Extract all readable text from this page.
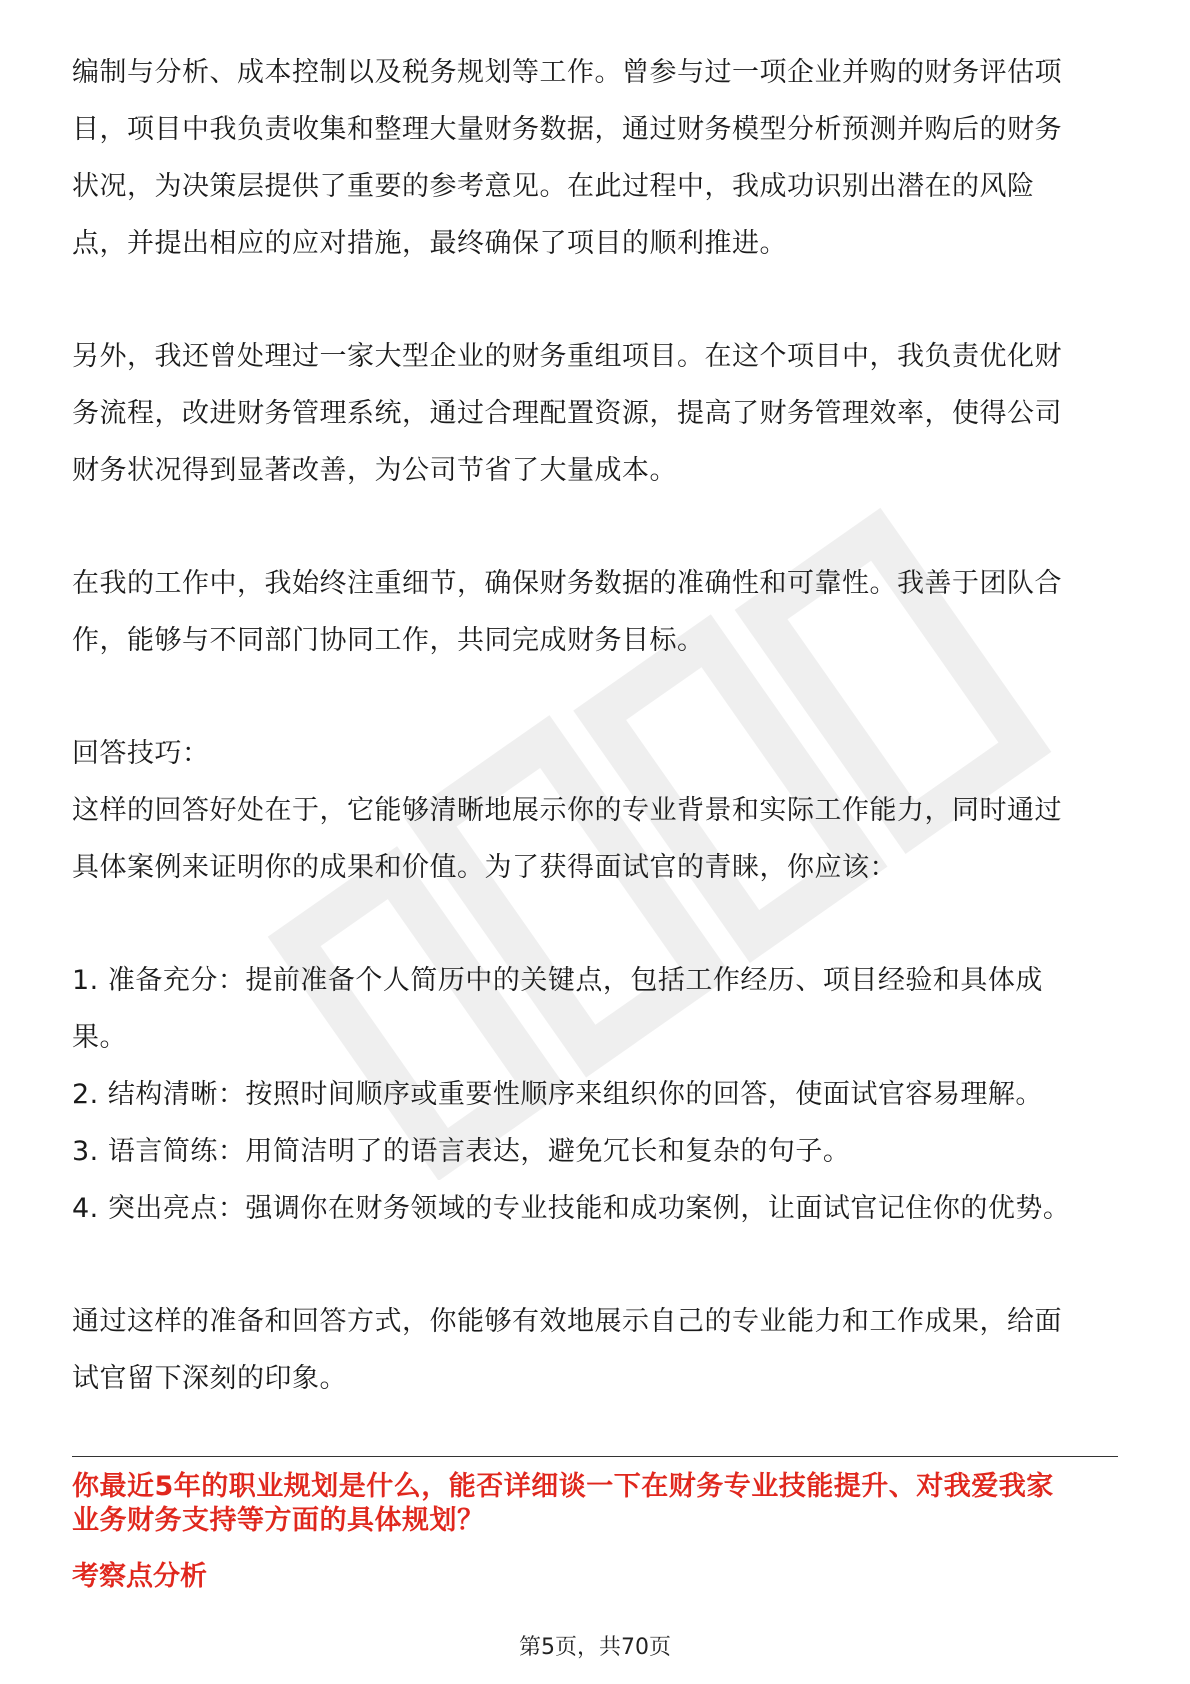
编制与分析、成本控制以及税务规划等工作。曾参与过一项企业并购的财务评估项

目，项目中我负责收集和整理大量财务数据，通过财务模型分析预测并购后的财务

状况，为决策层提供了重要的参考意见。在此过程中，我成功识别出潜在的风险

点，并提出相应的应对措施，最终确保了项目的顺利推进。

另外，我还曾处理过一家大型企业的财务重组项目。在这个项目中，我负责优化财

务流程，改进财务管理系统，通过合理配置资源，提高了财务管理效率，使得公司

财务状况得到显著改善，为公司节省了大量成本。

在我的工作中，我始终注重细节，确保财务数据的准确性和可靠性。我善于团队合

作，能够与不同部门协同工作，共同完成财务目标。

回答技巧：

这样的回答好处在于，它能够清晰地展示你的专业背景和实际工作能力，同时通过

具体案例来证明你的成果和价值。为了获得面试官的青睐，你应该：

1. 准备充分：提前准备个人简历中的关键点，包括工作经历、项目经验和具体成

果。

2. 结构清晰：按照时间顺序或重要性顺序来组织你的回答，使面试官容易理解。

3. 语言简练：用简洁明了的语言表达，避免冗长和复杂的句子。

4. 突出亮点：强调你在财务领域的专业技能和成功案例，让面试官记住你的优势。

通过这样的准备和回答方式，你能够有效地展示自己的专业能力和工作成果，给面

试官留下深刻的印象。

你最近5年的职业规划是什么，能否详细谈一下在财务专业技能提升、对我爱我家
业务财务支持等方面的具体规划？
考察点分析
第5页，共70页
